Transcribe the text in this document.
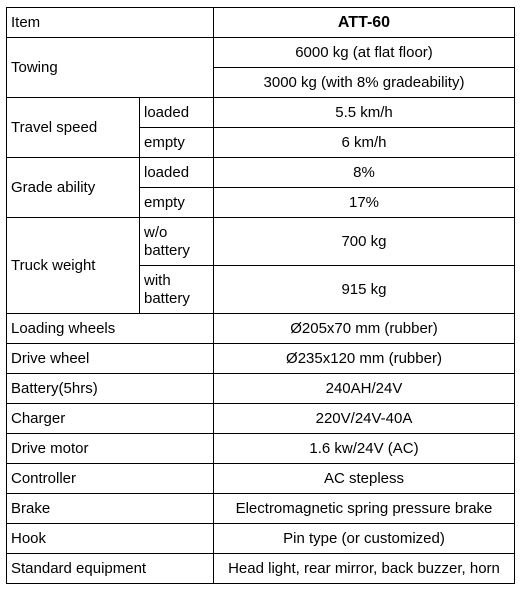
Item		ATT-60
Towing		6000 kg (at flat floor)
		3000 kg (with 8% gradeability)
Travel speed	loaded	5.5 km/h
	empty	6 km/h
Grade ability	loaded	8%
	empty	17%
Truck weight	w/o battery	700 kg
	with battery	915 kg
Loading wheels		Ø205x70 mm (rubber)
Drive wheel		Ø235x120 mm (rubber)
Battery(5hrs)		240AH/24V
Charger		220V/24V-40A
Drive motor		1.6 kw/24V (AC)
Controller		AC stepless
Brake		Electromagnetic spring pressure brake
Hook		Pin type (or customized)
Standard equipment		Head light, rear mirror, back buzzer, horn
